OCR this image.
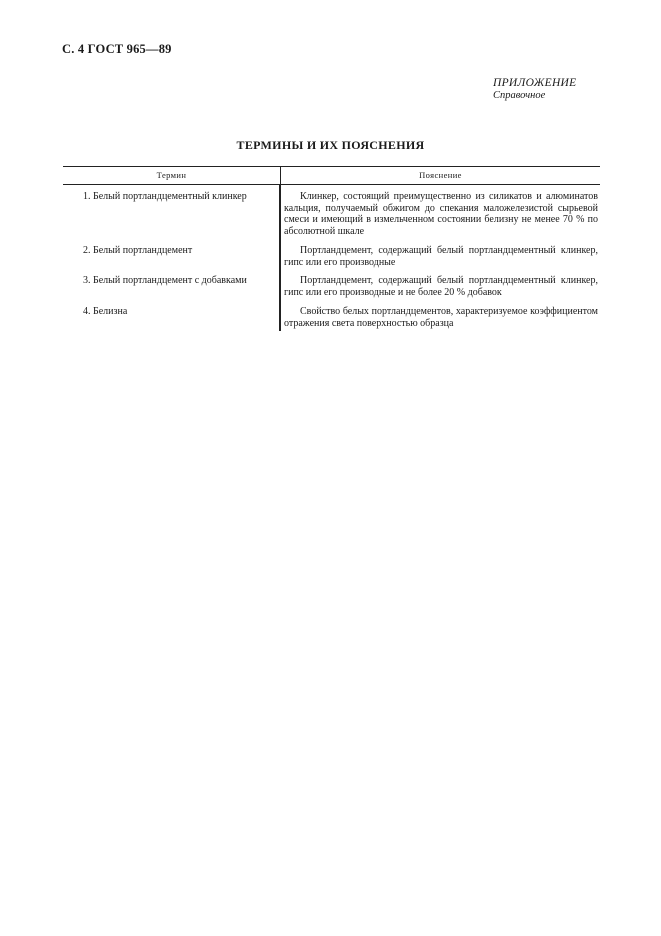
С. 4 ГОСТ 965—89
ПРИЛОЖЕНИЕ
Справочное
ТЕРМИНЫ И ИХ ПОЯСНЕНИЯ
Термин	Пояснение
1. Белый портландцементный клинкер	Клинкер, состоящий преимущественно из силикатов и алюминатов кальция, получаемый обжигом до спекания маложелезистой сырьевой смеси и имеющий в измельченном состоянии белизну не менее 70 % по абсолютной шкале
2. Белый портландцемент	Портландцемент, содержащий белый портландцементный клинкер, гипс или его производные
3. Белый портландцемент с добавками	Портландцемент, содержащий белый портландцементный клинкер, гипс или его производные и не более 20 % добавок
4. Белизна	Свойство белых портландцементов, характеризуемое коэффициентом отражения света поверхностью образца
